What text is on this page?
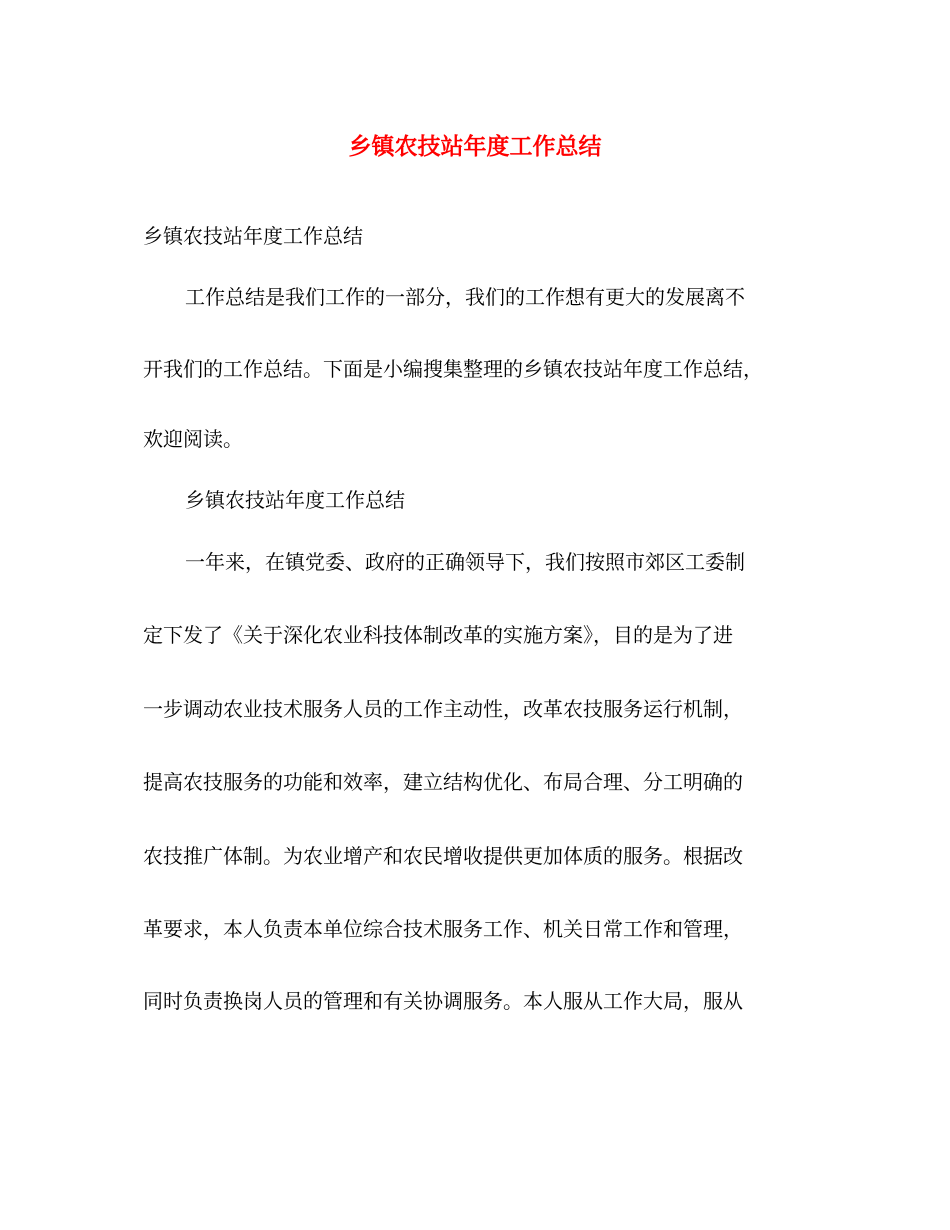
乡镇农技站年度工作总结

乡镇农技站年度工作总结

工作总结是我们工作的一部分，我们的工作想有更大的发展离不

开我们的工作总结。下面是小编搜集整理的乡镇农技站年度工作总结，

欢迎阅读。

乡镇农技站年度工作总结

一年来，在镇党委、政府的正确领导下，我们按照市郊区工委制

定下发了《关于深化农业科技体制改革的实施方案》，目的是为了进

一步调动农业技术服务人员的工作主动性，改革农技服务运行机制，

提高农技服务的功能和效率，建立结构优化、布局合理、分工明确的

农技推广体制。为农业增产和农民增收提供更加体质的服务。根据改

革要求，本人负责本单位综合技术服务工作、机关日常工作和管理，

同时负责换岗人员的管理和有关协调服务。本人服从工作大局，服从
